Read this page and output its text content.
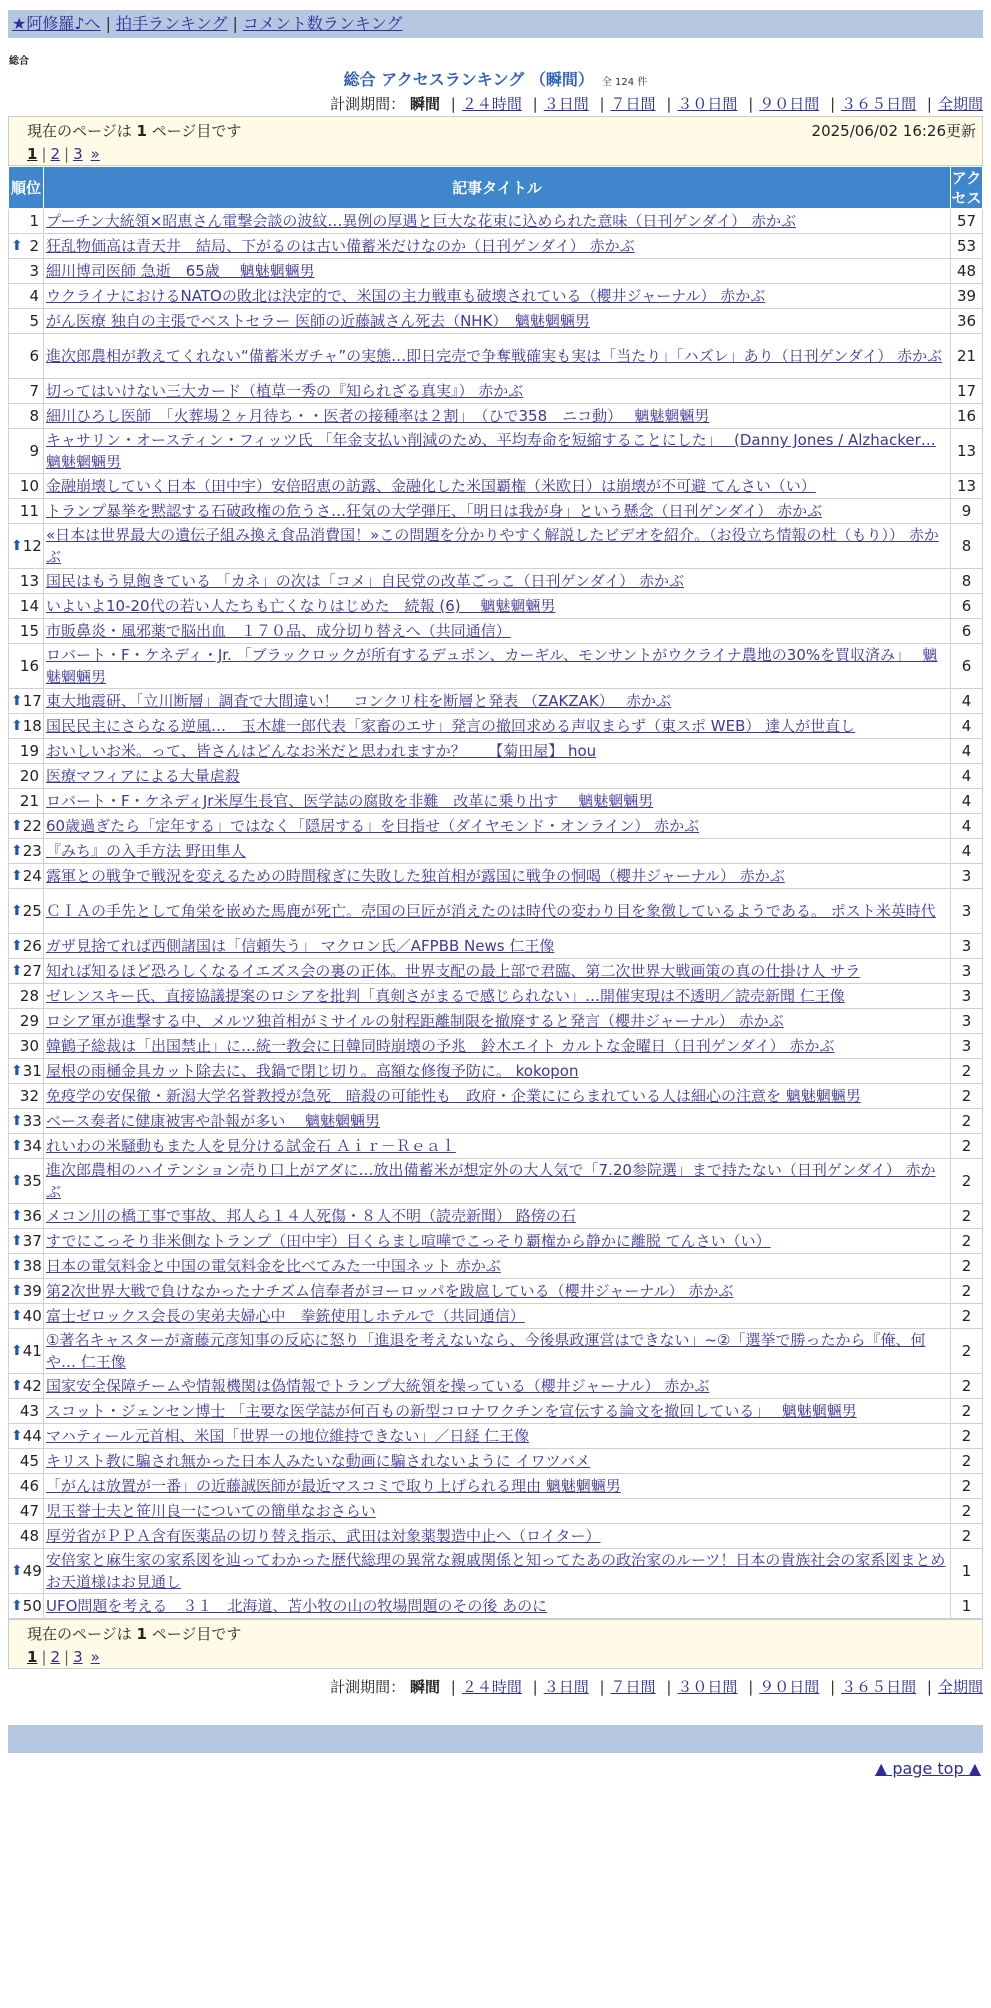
★阿修羅♪へ | 拍手ランキング | コメント数ランキング
総合
総合 アクセスランキング （瞬間） 全 124 件
計測期間： 瞬間 | ２４時間 | ３日間 | ７日間 | ３０日間 | ９０日間 | ３６５日間 | 全期間
現在のページは 1 ページ目です	2025/06/02 16:26更新
1 | 2 | 3 »
順位	記事タイトル	アクセス
1	プーチン大統領×昭恵さん電撃会談の波紋…異例の厚遇と巨大な花束に込められた意味（日刊ゲンダイ） 赤かぶ	57

⬆ 2	狂乱物価高は青天井　結局、下がるのは古い備蓄米だけなのか（日刊ゲンダイ） 赤かぶ	53
3	細川博司医師 急逝　65歳　 魑魅魍魎男	48
4	ウクライナにおけるNATOの敗北は決定的で、米国の主力戦車も破壊されている（櫻井ジャーナル） 赤かぶ	39
5	がん医療 独自の主張でベストセラー 医師の近藤誠さん死去（NHK）　魑魅魍魎男	36
6	進次郎農相が教えてくれない“備蓄米ガチャ”の実態…即日完売で争奪戦確実も実は「当たり」「ハズレ」あり（日刊ゲンダイ） 赤かぶ	21
7	切ってはいけない三大カード（植草一秀の『知られざる真実』） 赤かぶ	17
8	細川ひろし医師　「火葬場２ヶ月待ち・・医者の接種率は２割」　（ひで358　ニコ動）　 魑魅魍魎男	16
9	キャサリン・オースティン・フィッツ氏 「年金支払い削減のため、平均寿命を短縮することにした」　 (Danny Jones / Alzhacker… 魑魅魍魎男	13
10	金融崩壊していく日本（田中宇）安倍昭恵の訪露、金融化した米国覇権（米欧日）は崩壊が不可避 てんさい（い）	13
11	トランプ暴挙を黙認する石破政権の危うさ…狂気の大学弾圧、「明日は我が身」という懸念（日刊ゲンダイ） 赤かぶ	9

⬆ 12	«日本は世界最大の遺伝子組み換え食品消費国！»この問題を分かりやすく解説したビデオを紹介。（お役立ち情報の杜（もり）） 赤かぶ	8
13	国民はもう見飽きている 「カネ」の次は「コメ」自民党の改革ごっこ（日刊ゲンダイ） 赤かぶ	8
14	いよいよ10-20代の若い人たちも亡くなりはじめた　続報 (6)　 魑魅魍魎男	6
15	市販鼻炎・風邪薬で脳出血　１７０品、成分切り替えへ（共同通信）	6
16	ロバート・F・ケネディ・Jr. 「ブラックロックが所有するデュポン、カーギル、モンサントがウクライナ農地の30%を買収済み」　 魑魅魍魎男	6

⬆ 17	東大地震研、「立川断層」調査で大間違い！　コンクリ柱を断層と発表 （ZAKZAK）　 赤かぶ	4

⬆ 18	国民民主にさらなる逆風…　玉木雄一郎代表「家畜のエサ」発言の撤回求める声収まらず（東スポ WEB） 達人が世直し	4
19	おいしいお米。って、皆さんはどんなお米だと思われますか？　　【菊田屋】 hou	4
20	医療マフィアによる大量虐殺	4
21	ロバート・F・ケネディJr米厚生長官、医学誌の腐敗を非難　改革に乗り出す　 魑魅魍魎男	4

⬆ 22	60歳過ぎたら「定年する」ではなく「隠居する」を目指せ（ダイヤモンド・オンライン） 赤かぶ	4

⬆ 23	『みち』の入手方法 野田隼人	4

⬆ 24	露軍との戦争で戦況を変えるための時間稼ぎに失敗した独首相が露国に戦争の恫喝（櫻井ジャーナル） 赤かぶ	3

⬆ 25	ＣＩＡの手先として角栄を嵌めた馬鹿が死亡。売国の巨匠が消えたのは時代の変わり目を象徴しているようである。 ポスト米英時代	3

⬆ 26	ガザ見捨てれば西側諸国は「信頼失う」 マクロン氏／AFPBB News 仁王像	3

⬆ 27	知れば知るほど恐ろしくなるイエズス会の裏の正体。世界支配の最上部で君臨、第二次世界大戦画策の真の仕掛け人 サラ	3
28	ゼレンスキー氏、直接協議提案のロシアを批判「真剣さがまるで感じられない」…開催実現は不透明／読売新聞 仁王像	3
29	ロシア軍が進撃する中、メルツ独首相がミサイルの射程距離制限を撤廃すると発言（櫻井ジャーナル） 赤かぶ	3
30	韓鶴子総裁は「出国禁止」に…統一教会に日韓同時崩壊の予兆　鈴木エイト カルトな金曜日（日刊ゲンダイ） 赤かぶ	3

⬆ 31	屋根の雨樋金具カット除去に、我鍋で閉じ切り。高額な修復予防に。 kokopon	2
32	免疫学の安保徹・新潟大学名誉教授が急死　暗殺の可能性も　政府・企業ににらまれている人は細心の注意を 魑魅魍魎男	2

⬆ 33	ベース奏者に健康被害や訃報が多い　 魑魅魍魎男	2

⬆ 34	れいわの米騒動もまた人を見分ける試金石 Ａｉｒ－Ｒｅａｌ	2

⬆ 35	進次郎農相のハイテンション売り口上がアダに…放出備蓄米が想定外の大人気で「7.20参院選」まで持たない（日刊ゲンダイ） 赤かぶ	2

⬆ 36	メコン川の橋工事で事故、邦人ら１４人死傷・８人不明（読売新聞） 路傍の石	2

⬆ 37	すでにこっそり非米側なトランプ（田中宇）目くらまし喧嘩でこっそり覇権から静かに離脱 てんさい（い）	2

⬆ 38	日本の電気料金と中国の電気料金を比べてみた一中国ネット 赤かぶ	2

⬆ 39	第2次世界大戦で負けなかったナチズム信奉者がヨーロッパを跋扈している（櫻井ジャーナル） 赤かぶ	2

⬆ 40	富士ゼロックス会長の実弟夫婦心中　拳銃使用しホテルで（共同通信）	2

⬆ 41	①著名キャスターが斎藤元彦知事の反応に怒り「進退を考えないなら、今後県政運営はできない」~②「選挙で勝ったから『俺、何や… 仁王像	2

⬆ 42	国家安全保障チームや情報機関は偽情報でトランプ大統領を操っている（櫻井ジャーナル） 赤かぶ	2
43	スコット・ジェンセン博士 「主要な医学誌が何百もの新型コロナワクチンを宣伝する論文を撤回している」　 魑魅魍魎男	2

⬆ 44	マハティール元首相、米国「世界一の地位維持できない」／日経 仁王像	2
45	キリスト教に騙され無かった日本人みたいな動画に騙されないように イワツバメ	2
46	「がんは放置が一番」の近藤誠医師が最近マスコミで取り上げられる理由 魑魅魍魎男	2
47	児玉誉士夫と笹川良一についての簡単なおさらい	2
48	厚労省がＰＰＡ含有医薬品の切り替え指示、武田は対象薬製造中止へ（ロイター）	2

⬆ 49	安倍家と麻生家の家系図を辿ってわかった歴代総理の異常な親戚関係と知ってたあの政治家のルーツ！日本の貴族社会の家系図まとめ お天道様はお見通し	1

⬆ 50	UFO問題を考える　３１　北海道、苫小牧の山の牧場問題のその後 あのに	1
現在のページは 1 ページ目です
1 | 2 | 3 »
計測期間： 瞬間 | ２４時間 | ３日間 | ７日間 | ３０日間 | ９０日間 | ３６５日間 | 全期間
▲ page top ▲
